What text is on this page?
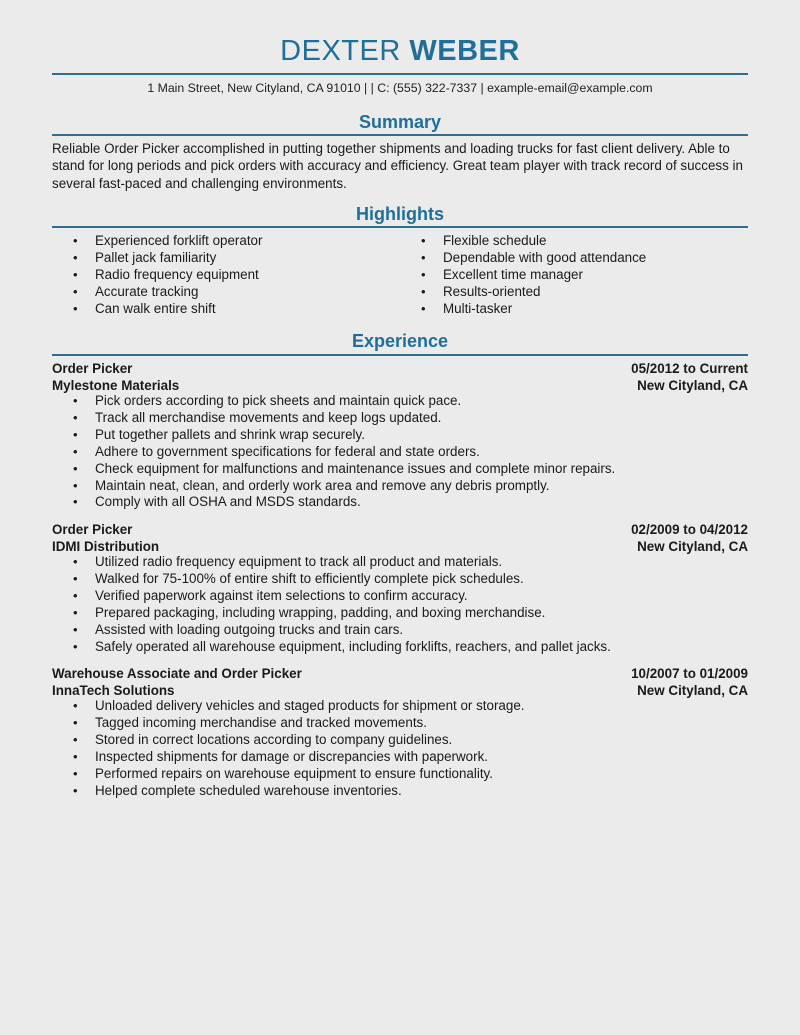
DEXTER WEBER
1 Main Street, New Cityland, CA 91010 | | C: (555) 322-7337 | example-email@example.com
Summary
Reliable Order Picker accomplished in putting together shipments and loading trucks for fast client delivery. Able to stand for long periods and pick orders with accuracy and efficiency. Great team player with track record of success in several fast-paced and challenging environments.
Highlights
• Experienced forklift operator
• Pallet jack familiarity
• Radio frequency equipment
• Accurate tracking
• Can walk entire shift
• Flexible schedule
• Dependable with good attendance
• Excellent time manager
• Results-oriented
• Multi-tasker
Experience
Order Picker	05/2012 to Current
Mylestone Materials	New Cityland, CA
• Pick orders according to pick sheets and maintain quick pace.
• Track all merchandise movements and keep logs updated.
• Put together pallets and shrink wrap securely.
• Adhere to government specifications for federal and state orders.
• Check equipment for malfunctions and maintenance issues and complete minor repairs.
• Maintain neat, clean, and orderly work area and remove any debris promptly.
• Comply with all OSHA and MSDS standards.
Order Picker	02/2009 to 04/2012
IDMI Distribution	New Cityland, CA
• Utilized radio frequency equipment to track all product and materials.
• Walked for 75-100% of entire shift to efficiently complete pick schedules.
• Verified paperwork against item selections to confirm accuracy.
• Prepared packaging, including wrapping, padding, and boxing merchandise.
• Assisted with loading outgoing trucks and train cars.
• Safely operated all warehouse equipment, including forklifts, reachers, and pallet jacks.
Warehouse Associate and Order Picker	10/2007 to 01/2009
InnaTech Solutions	New Cityland, CA
• Unloaded delivery vehicles and staged products for shipment or storage.
• Tagged incoming merchandise and tracked movements.
• Stored in correct locations according to company guidelines.
• Inspected shipments for damage or discrepancies with paperwork.
• Performed repairs on warehouse equipment to ensure functionality.
• Helped complete scheduled warehouse inventories.
